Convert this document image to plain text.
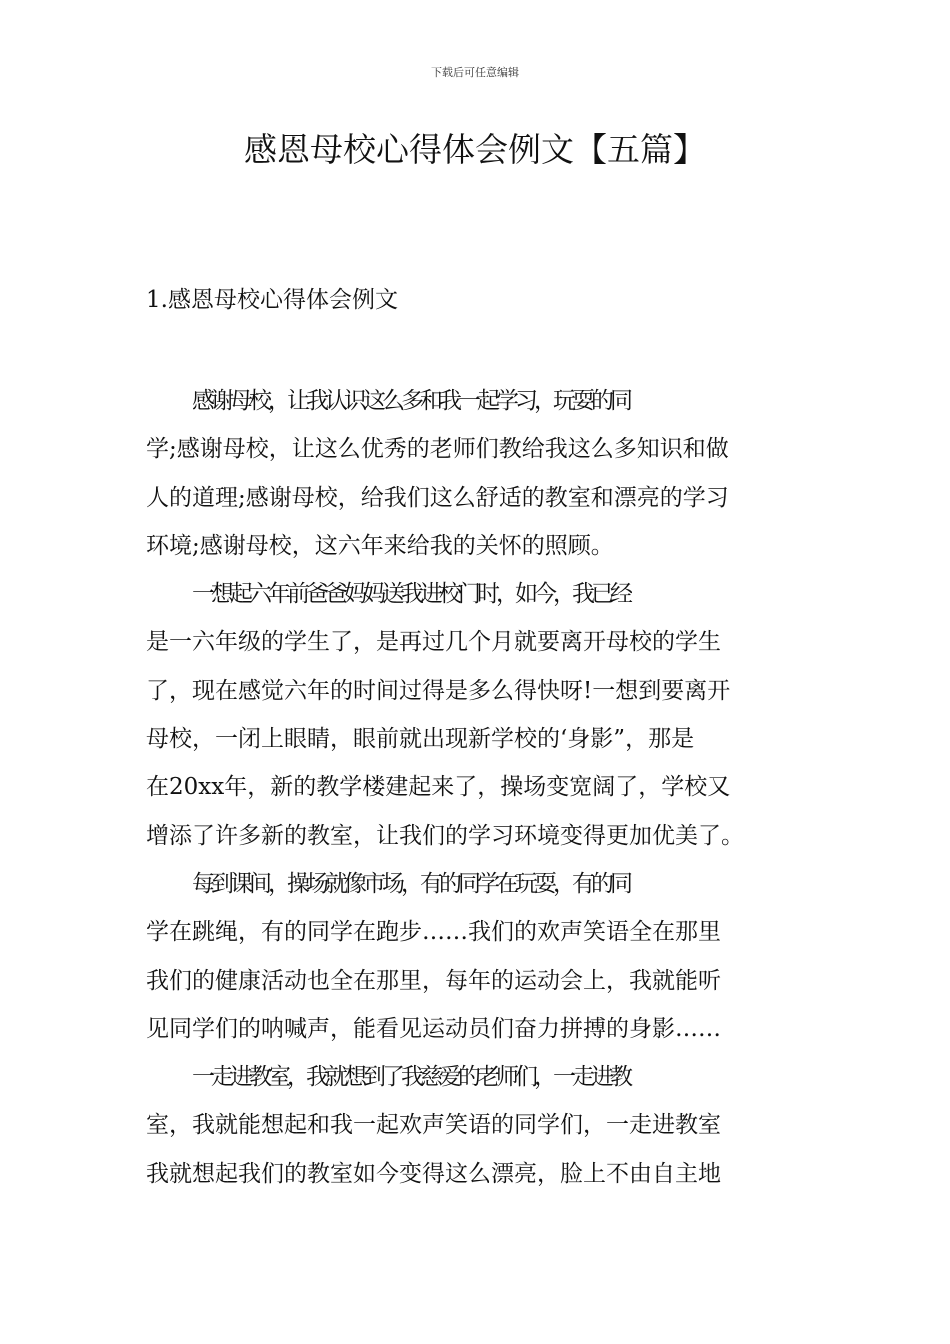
下载后可任意编辑
感恩母校心得体会例文【五篇】
1.感恩母校心得体会例文

感谢母校，让我认识这么多和我一起学习，玩耍的同
学;感谢母校，让这么优秀的老师们教给我这么多知识和做
人的道理;感谢母校，给我们这么舒适的教室和漂亮的学习
环境;感谢母校，这六年来给我的关怀的照顾。

一想起六年前爸爸妈妈送我进校门时，如今，我已经
是一六年级的学生了，是再过几个月就要离开母校的学生
了，现在感觉六年的时间过得是多么得快呀!一想到要离开
母校，一闭上眼睛，眼前就出现新学校的‘身影”，那是
在20xx年，新的教学楼建起来了，操场变宽阔了，学校又
增添了许多新的教室，让我们的学习环境变得更加优美了。

每到课间，操场就像市场，有的同学在玩耍，有的同
学在跳绳，有的同学在跑步……我们的欢声笑语全在那里
我们的健康活动也全在那里，每年的运动会上，我就能听
见同学们的呐喊声，能看见运动员们奋力拼搏的身影……

一走进教室，我就想到了我慈爱的老师们，一走进教
室，我就能想起和我一起欢声笑语的同学们，一走进教室
我就想起我们的教室如今变得这么漂亮，脸上不由自主地
